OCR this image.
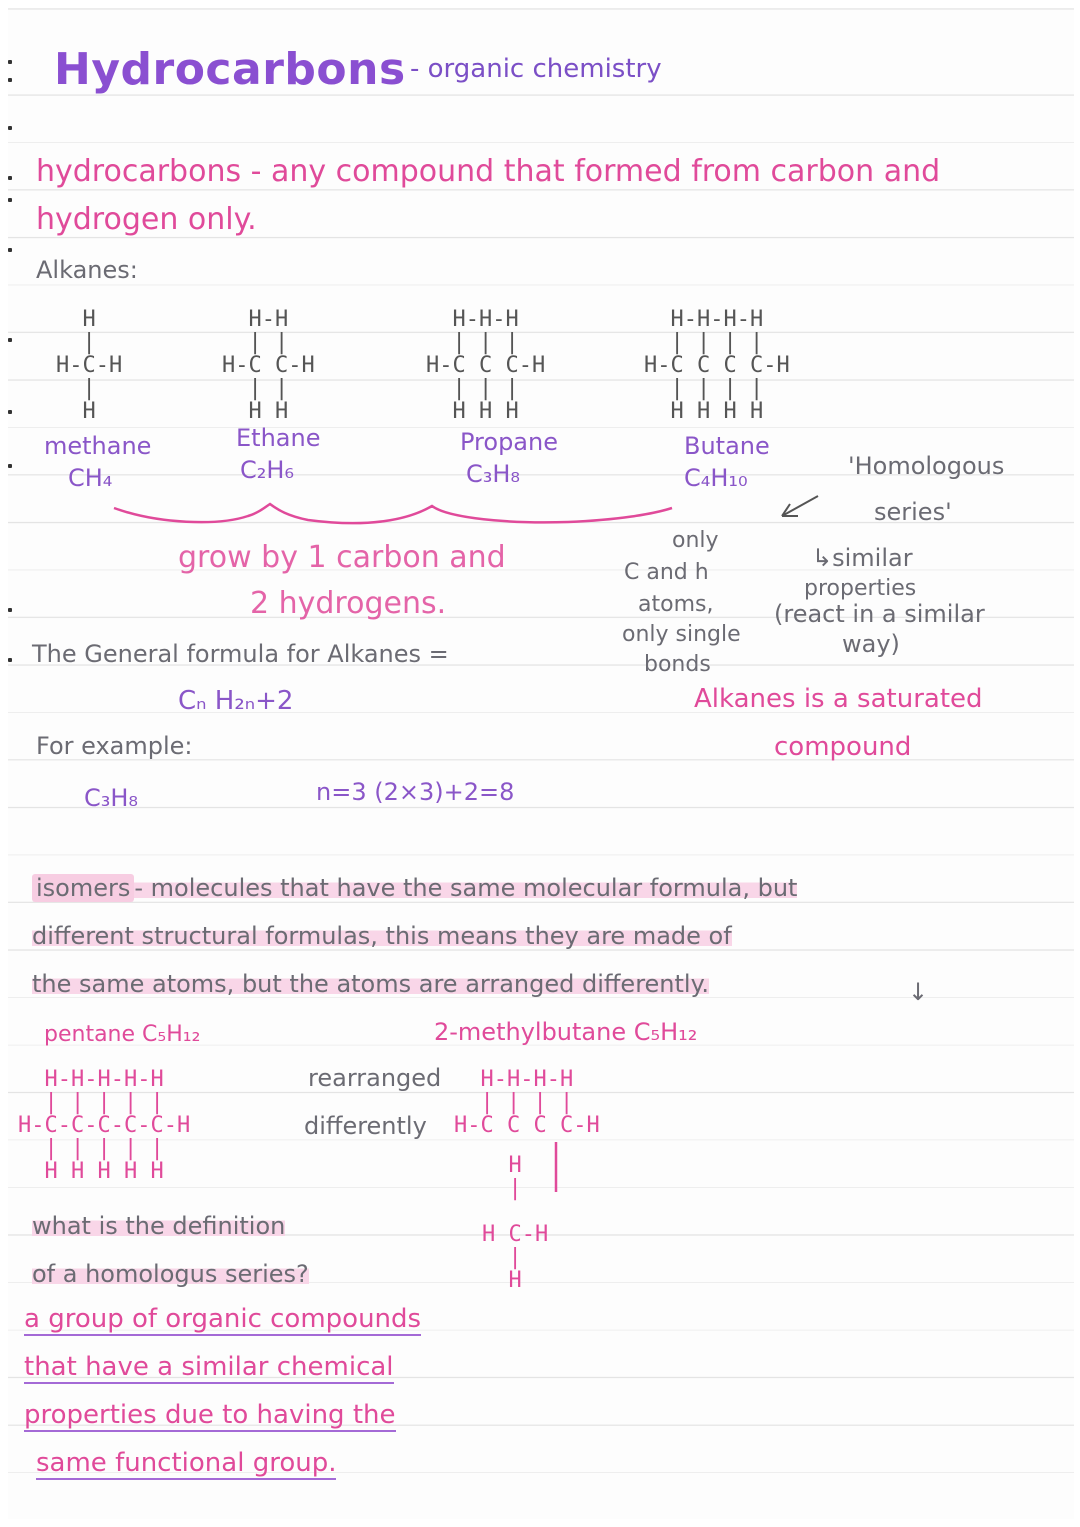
Hydrocarbons - organic chemistry
hydrocarbons - any compound that formed from carbon and
hydrogen only.
Alkanes:
H
|
H-C-H
|
H
H-H
| |
H-C C-H
| |
H H
H-H-H
| | |
H-C C C-H
| | |
H H H
H-H-H-H
| | | |
H-C C C C-H
| | | |
H H H H
methane
CH₄
Ethane
C₂H₆
Propane
C₃H₈
Butane
C₄H₁₀
grow by 1 carbon and
2 hydrogens.
only
C and h
atoms,
only single
bonds
'Homologous
series'
↳similar
properties
(react in a similar
way)
Alkanes is a saturated
compound
The General formula for Alkanes =
Cₙ H₂ₙ+2
For example:
C₃H₈	n=3 (2×3)+2=8
isomers - molecules that have the same molecular formula, but
different structural formulas, this means they are made of
the same atoms, but the atoms are arranged differently.	↓
pentane C₅H₁₂
H-H-H-H-H
| | | | |
H-C-C-C-C-C-H
| | | | |
H H H H H
rearranged
differently
2-methylbutane C₅H₁₂
H-H-H-H
| | | |
H-C C C C-H
H
|

H C-H
|
H
what is the definition
of a homologus series?
a group of organic compounds
that have a similar chemical
properties due to having the
same functional group.
